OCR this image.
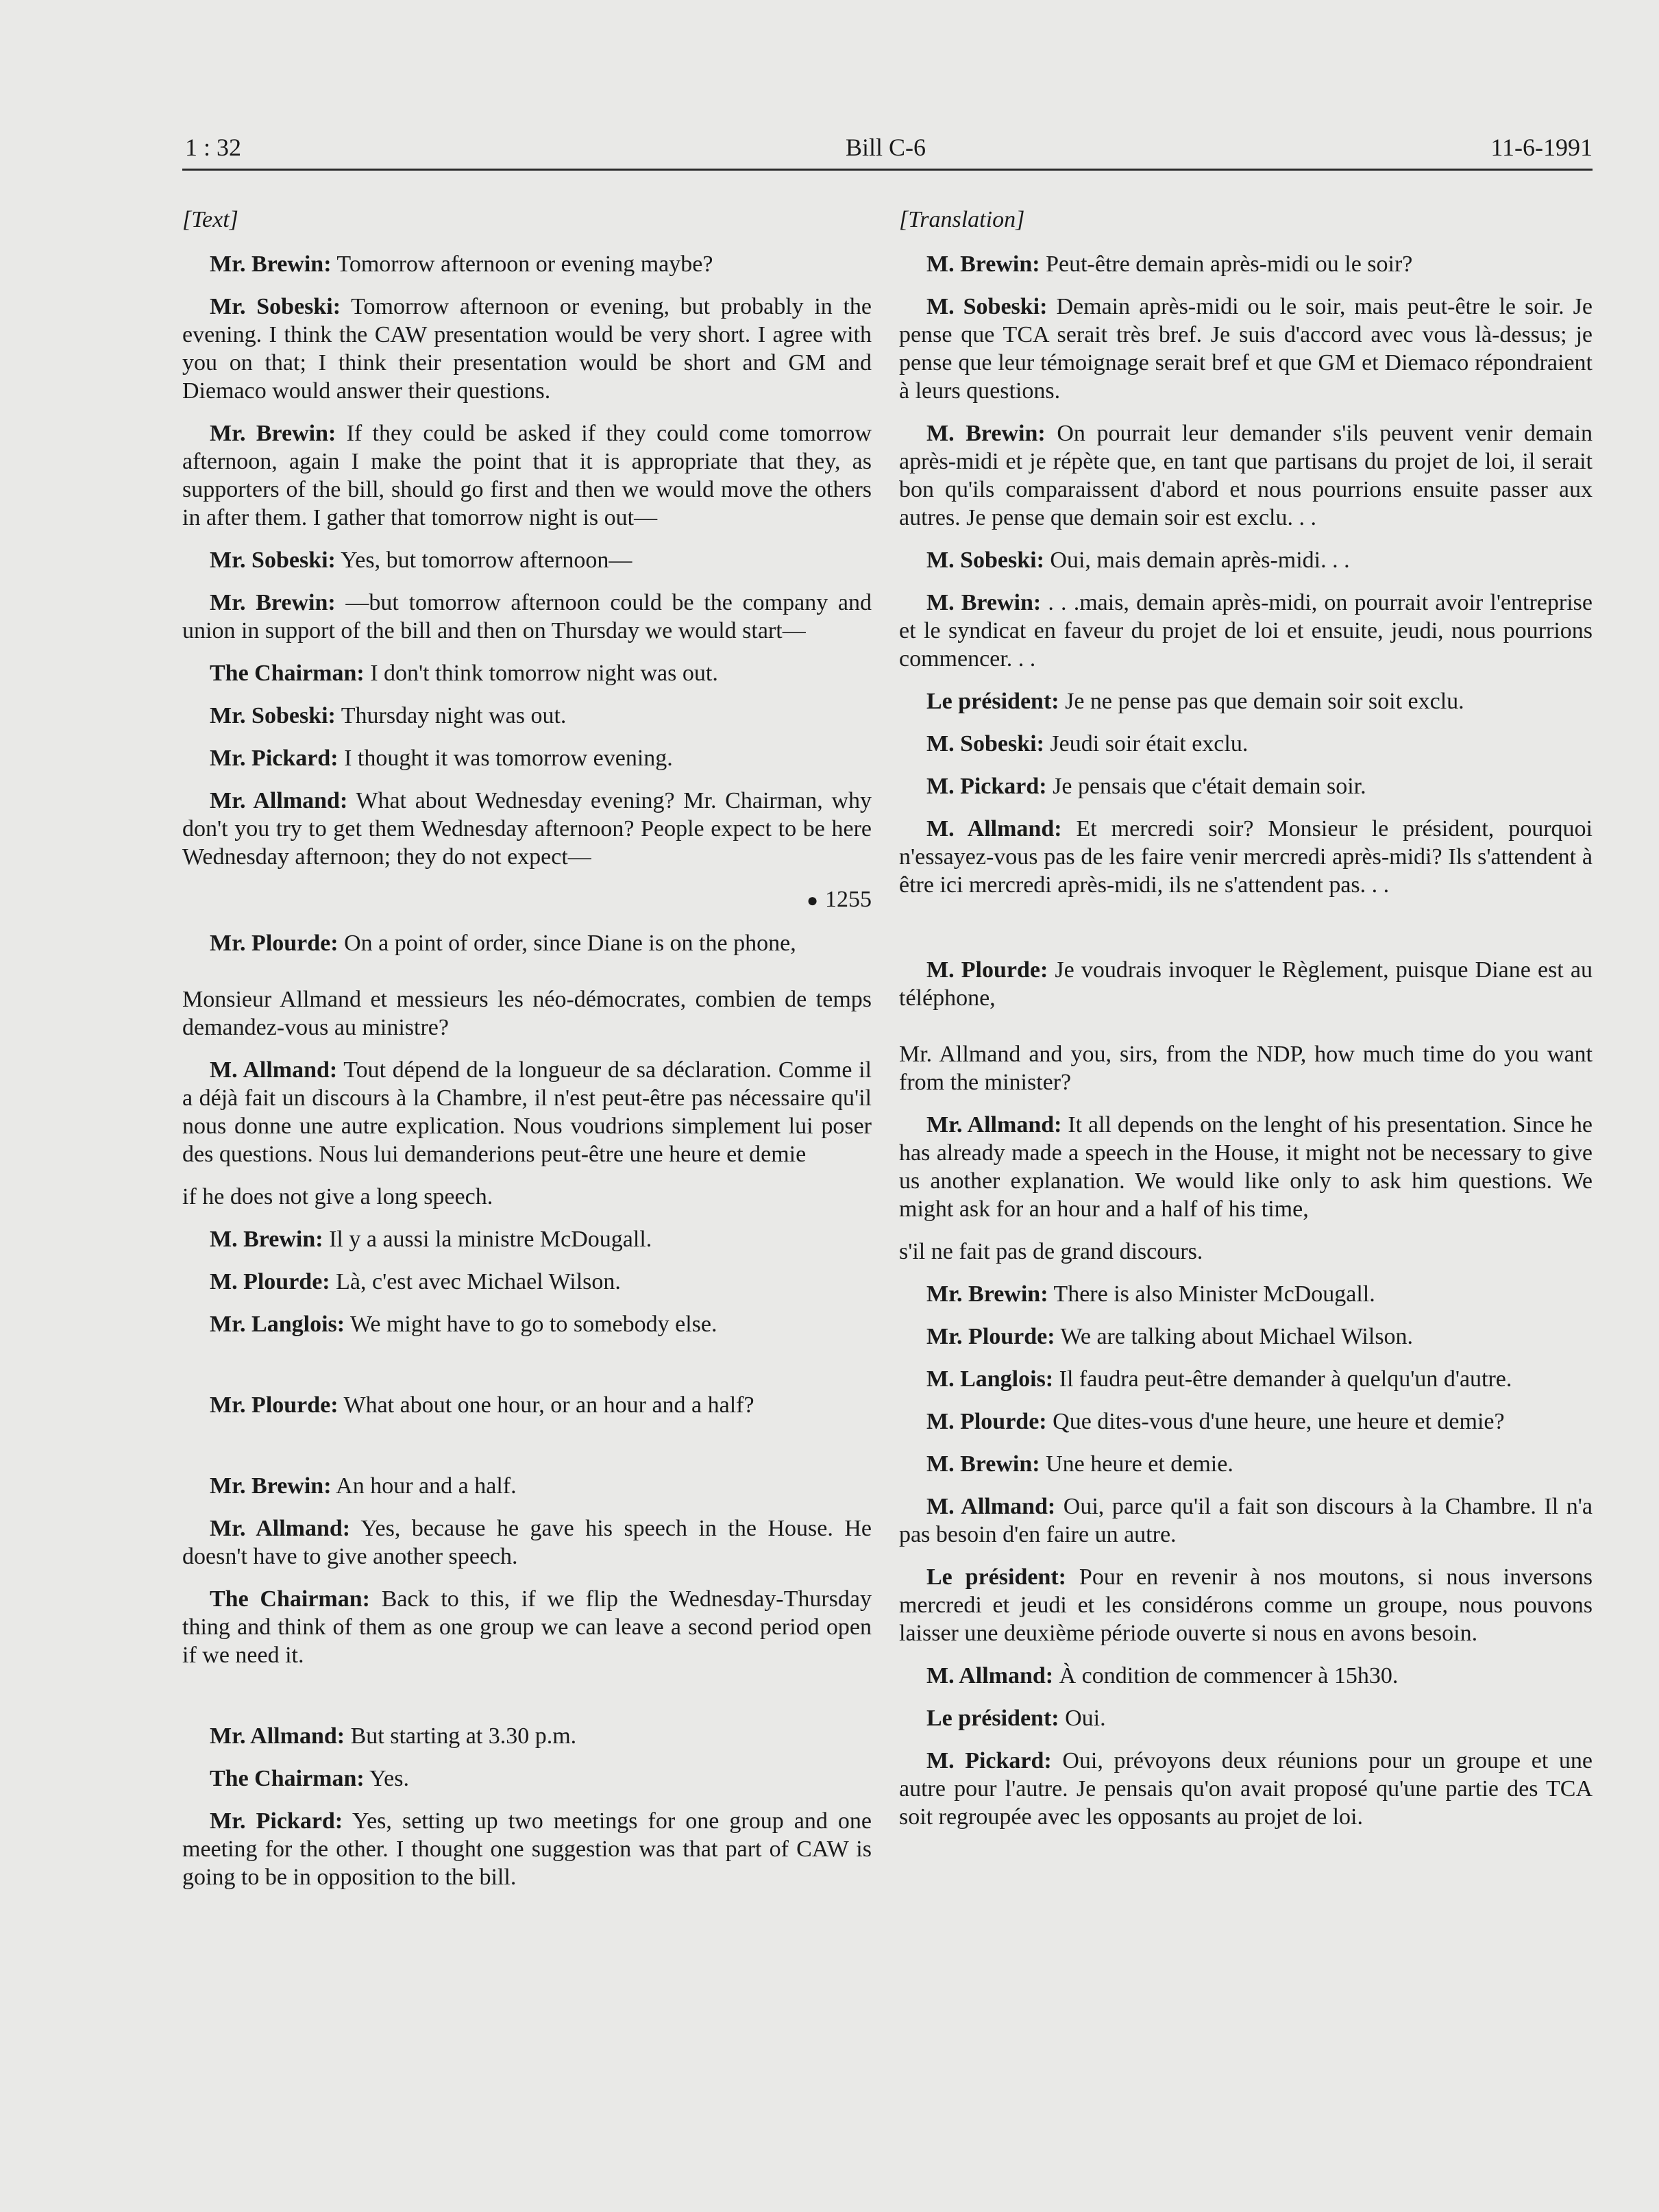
1 : 32	Bill C-6	11-6-1991
[Text]

Mr. Brewin: Tomorrow afternoon or evening maybe?

Mr. Sobeski: Tomorrow afternoon or evening, but probably in the evening. I think the CAW presentation would be very short. I agree with you on that; I think their presentation would be short and GM and Diemaco would answer their questions.

Mr. Brewin: If they could be asked if they could come tomorrow afternoon, again I make the point that it is appropriate that they, as supporters of the bill, should go first and then we would move the others in after them. I gather that tomorrow night is out—

Mr. Sobeski: Yes, but tomorrow afternoon—

Mr. Brewin: —but tomorrow afternoon could be the company and union in support of the bill and then on Thursday we would start—

The Chairman: I don't think tomorrow night was out.

Mr. Sobeski: Thursday night was out.

Mr. Pickard: I thought it was tomorrow evening.

Mr. Allmand: What about Wednesday evening? Mr. Chairman, why don't you try to get them Wednesday afternoon? People expect to be here Wednesday afternoon; they do not expect—

● 1255

Mr. Plourde: On a point of order, since Diane is on the phone,

Monsieur Allmand et messieurs les néo-démocrates, combien de temps demandez-vous au ministre?

M. Allmand: Tout dépend de la longueur de sa déclaration. Comme il a déjà fait un discours à la Chambre, il n'est peut-être pas nécessaire qu'il nous donne une autre explication. Nous voudrions simplement lui poser des questions. Nous lui demanderions peut-être une heure et demie

if he does not give a long speech.

M. Brewin: Il y a aussi la ministre McDougall.

M. Plourde: Là, c'est avec Michael Wilson.

Mr. Langlois: We might have to go to somebody else.

Mr. Plourde: What about one hour, or an hour and a half?

Mr. Brewin: An hour and a half.

Mr. Allmand: Yes, because he gave his speech in the House. He doesn't have to give another speech.

The Chairman: Back to this, if we flip the Wednesday-Thursday thing and think of them as one group we can leave a second period open if we need it.

Mr. Allmand: But starting at 3.30 p.m.

The Chairman: Yes.

Mr. Pickard: Yes, setting up two meetings for one group and one meeting for the other. I thought one suggestion was that part of CAW is going to be in opposition to the bill.

[Translation]

M. Brewin: Peut-être demain après-midi ou le soir?

M. Sobeski: Demain après-midi ou le soir, mais peut-être le soir. Je pense que TCA serait très bref. Je suis d'accord avec vous là-dessus; je pense que leur témoignage serait bref et que GM et Diemaco répondraient à leurs questions.

M. Brewin: On pourrait leur demander s'ils peuvent venir demain après-midi et je répète que, en tant que partisans du projet de loi, il serait bon qu'ils comparaissent d'abord et nous pourrions ensuite passer aux autres. Je pense que demain soir est exclu. . .

M. Sobeski: Oui, mais demain après-midi. . .

M. Brewin: . . .mais, demain après-midi, on pourrait avoir l'entreprise et le syndicat en faveur du projet de loi et ensuite, jeudi, nous pourrions commencer. . .

Le président: Je ne pense pas que demain soir soit exclu.

M. Sobeski: Jeudi soir était exclu.

M. Pickard: Je pensais que c'était demain soir.

M. Allmand: Et mercredi soir? Monsieur le président, pourquoi n'essayez-vous pas de les faire venir mercredi après-midi? Ils s'attendent à être ici mercredi après-midi, ils ne s'attendent pas. . .

M. Plourde: Je voudrais invoquer le Règlement, puisque Diane est au téléphone,

Mr. Allmand and you, sirs, from the NDP, how much time do you want from the minister?

Mr. Allmand: It all depends on the lenght of his presentation. Since he has already made a speech in the House, it might not be necessary to give us another explanation. We would like only to ask him questions. We might ask for an hour and a half of his time,

s'il ne fait pas de grand discours.

Mr. Brewin: There is also Minister McDougall.

Mr. Plourde: We are talking about Michael Wilson.

M. Langlois: Il faudra peut-être demander à quelqu'un d'autre.

M. Plourde: Que dites-vous d'une heure, une heure et demie?

M. Brewin: Une heure et demie.

M. Allmand: Oui, parce qu'il a fait son discours à la Chambre. Il n'a pas besoin d'en faire un autre.

Le président: Pour en revenir à nos moutons, si nous inversons mercredi et jeudi et les considérons comme un groupe, nous pouvons laisser une deuxième période ouverte si nous en avons besoin.

M. Allmand: À condition de commencer à 15h30.

Le président: Oui.

M. Pickard: Oui, prévoyons deux réunions pour un groupe et une autre pour l'autre. Je pensais qu'on avait proposé qu'une partie des TCA soit regroupée avec les opposants au projet de loi.
